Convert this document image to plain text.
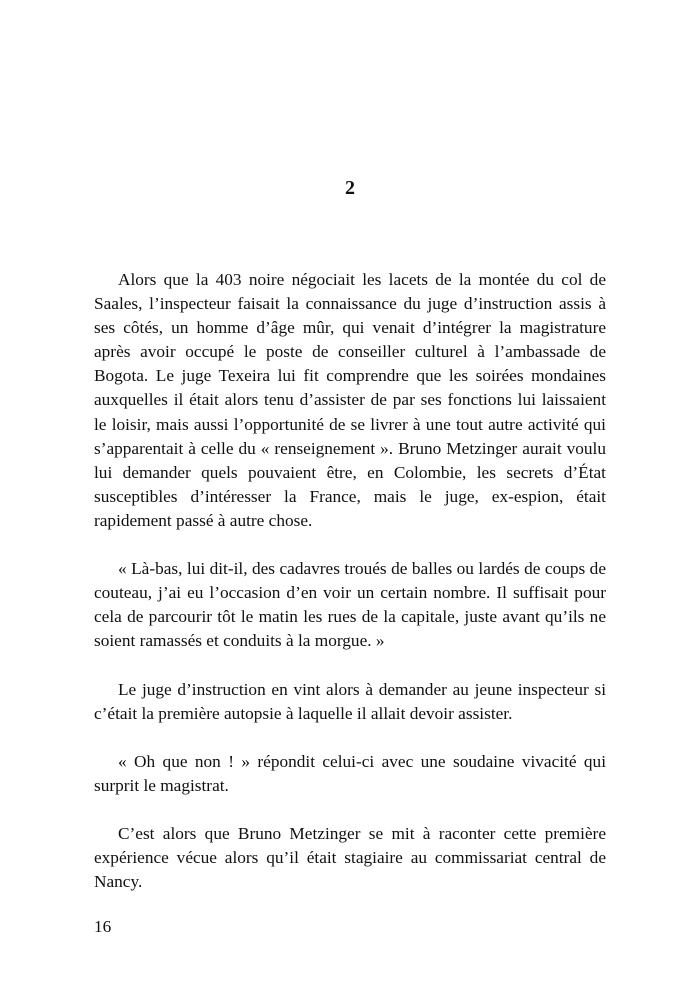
2

Alors que la 403 noire négociait les lacets de la montée du col de Saales, l’inspecteur faisait la connaissance du juge d’instruction assis à ses côtés, un homme d’âge mûr, qui venait d’intégrer la magistrature après avoir occupé le poste de conseiller culturel à l’ambassade de Bogota. Le juge Texeira lui fit comprendre que les soirées mondaines auxquelles il était alors tenu d’assister de par ses fonctions lui laissaient le loisir, mais aussi l’opportunité de se livrer à une tout autre activité qui s’apparentait à celle du « renseignement ». Bruno Metzinger aurait voulu lui demander quels pouvaient être, en Colombie, les secrets d’État susceptibles d’intéresser la France, mais le juge, ex-espion, était rapidement passé à autre chose.

« Là-bas, lui dit-il, des cadavres troués de balles ou lardés de coups de couteau, j’ai eu l’occasion d’en voir un certain nombre. Il suffisait pour cela de parcourir tôt le matin les rues de la capitale, juste avant qu’ils ne soient ramassés et conduits à la morgue. »

Le juge d’instruction en vint alors à demander au jeune inspecteur si c’était la première autopsie à laquelle il allait devoir assister.

« Oh que non ! » répondit celui-ci avec une soudaine vivacité qui surprit le magistrat.

C’est alors que Bruno Metzinger se mit à raconter cette première expérience vécue alors qu’il était stagiaire au commissariat central de Nancy.

16
